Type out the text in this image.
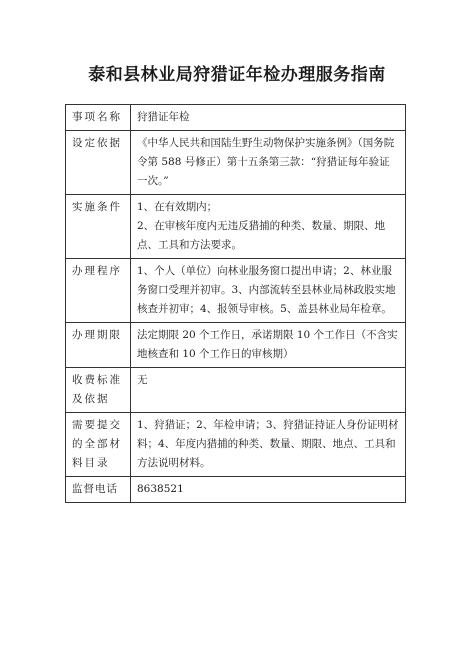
泰和县林业局狩猎证年检办理服务指南
事项名称	狩猎证年检

设定依据	《中华人民共和国陆生野生动物保护实施条例》（国务院令第 588 号修正）第十五条第三款：“狩猎证每年验证一次。”

实施条件	1、在有效期内；
2、在审核年度内无违反猎捕的种类、数量、期限、地点、工具和方法要求。

办理程序	1、个人（单位）向林业服务窗口提出申请；2、林业服务窗口受理并初审。3、内部流转至县林业局林政股实地核查并初审；4、报领导审核。5、盖县林业局年检章。

办理期限	法定期限 20 个工作日，承诺期限 10 个工作日（不含实地核查和 10 个工作日的审核期）

收费标准及依据	无

需要提交的全部材料目录	1、狩猎证；2、年检申请；3、狩猎证持证人身份证明材料；4、年度内猎捕的种类、数量、期限、地点、工具和方法说明材料。

监督电话	8638521
